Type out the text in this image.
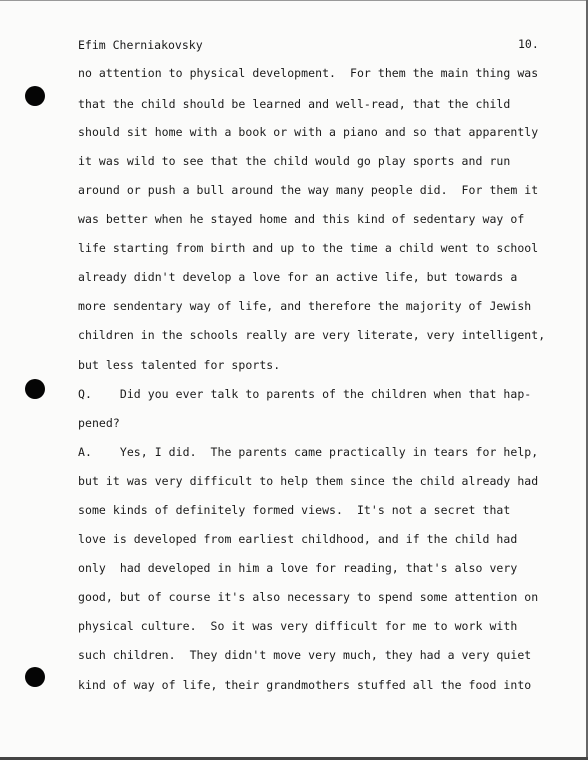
Efim Cherniakovsky	10.
no attention to physical development.  For them the main thing was
that the child should be learned and well-read, that the child
should sit home with a book or with a piano and so that apparently
it was wild to see that the child would go play sports and run
around or push a bull around the way many people did.  For them it
was better when he stayed home and this kind of sedentary way of
life starting from birth and up to the time a child went to school
already didn't develop a love for an active life, but towards a
more sendentary way of life, and therefore the majority of Jewish
children in the schools really are very literate, very intelligent,
but less talented for sports.
Q.    Did you ever talk to parents of the children when that hap-
pened?
A.    Yes, I did.  The parents came practically in tears for help,
but it was very difficult to help them since the child already had
some kinds of definitely formed views.  It's not a secret that
love is developed from earliest childhood, and if the child had
only  had developed in him a love for reading, that's also very
good, but of course it's also necessary to spend some attention on
physical culture.  So it was very difficult for me to work with
such children.  They didn't move very much, they had a very quiet
kind of way of life, their grandmothers stuffed all the food into
